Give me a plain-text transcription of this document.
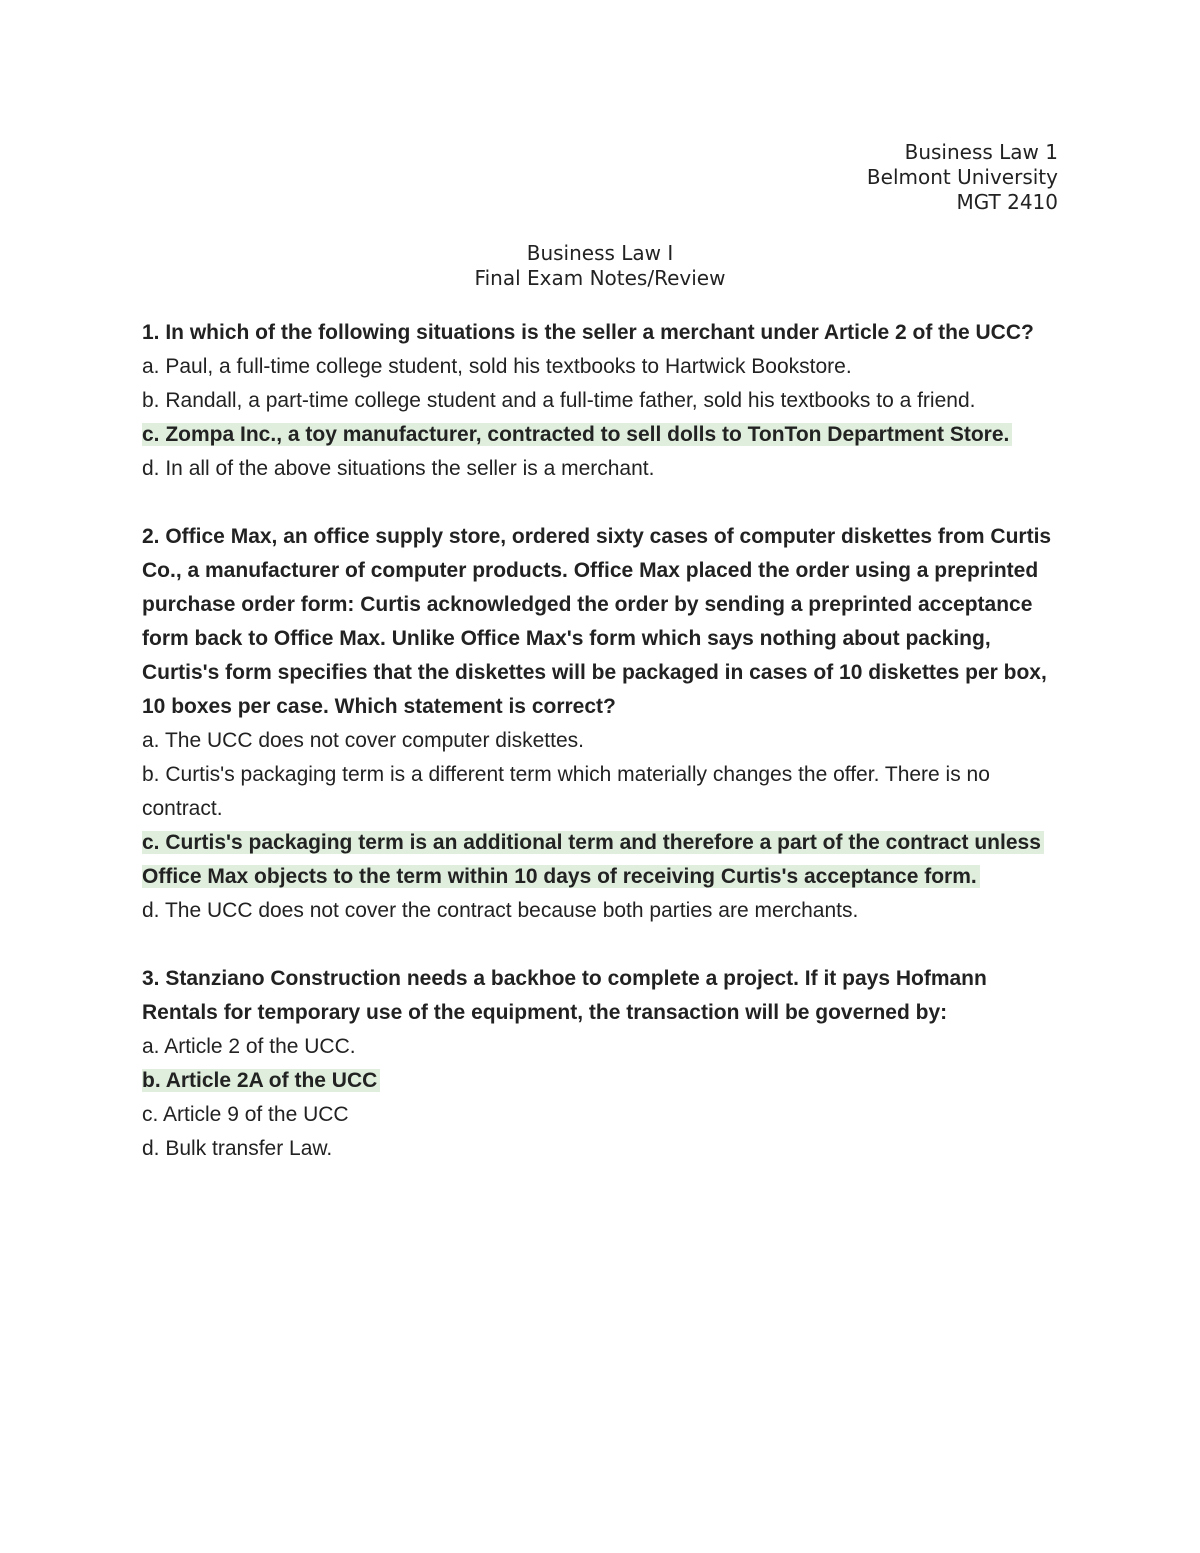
Business Law 1
Belmont University
MGT 2410
Business Law I
Final Exam Notes/Review
1. In which of the following situations is the seller a merchant under Article 2 of the UCC?
a. Paul, a full-time college student, sold his textbooks to Hartwick Bookstore.
b. Randall, a part-time college student and a full-time father, sold his textbooks to a friend.
c. Zompa Inc., a toy manufacturer, contracted to sell dolls to TonTon Department Store.
d. In all of the above situations the seller is a merchant.
2. Office Max, an office supply store, ordered sixty cases of computer diskettes from Curtis Co., a manufacturer of computer products. Office Max placed the order using a preprinted purchase order form: Curtis acknowledged the order by sending a preprinted acceptance form back to Office Max. Unlike Office Max's form which says nothing about packing, Curtis's form specifies that the diskettes will be packaged in cases of 10 diskettes per box, 10 boxes per case. Which statement is correct?
a. The UCC does not cover computer diskettes.
b. Curtis's packaging term is a different term which materially changes the offer. There is no contract.
c. Curtis's packaging term is an additional term and therefore a part of the contract unless Office Max objects to the term within 10 days of receiving Curtis's acceptance form.
d. The UCC does not cover the contract because both parties are merchants.
3. Stanziano Construction needs a backhoe to complete a project. If it pays Hofmann Rentals for temporary use of the equipment, the transaction will be governed by:
a. Article 2 of the UCC.
b. Article 2A of the UCC
c. Article 9 of the UCC
d. Bulk transfer Law.
